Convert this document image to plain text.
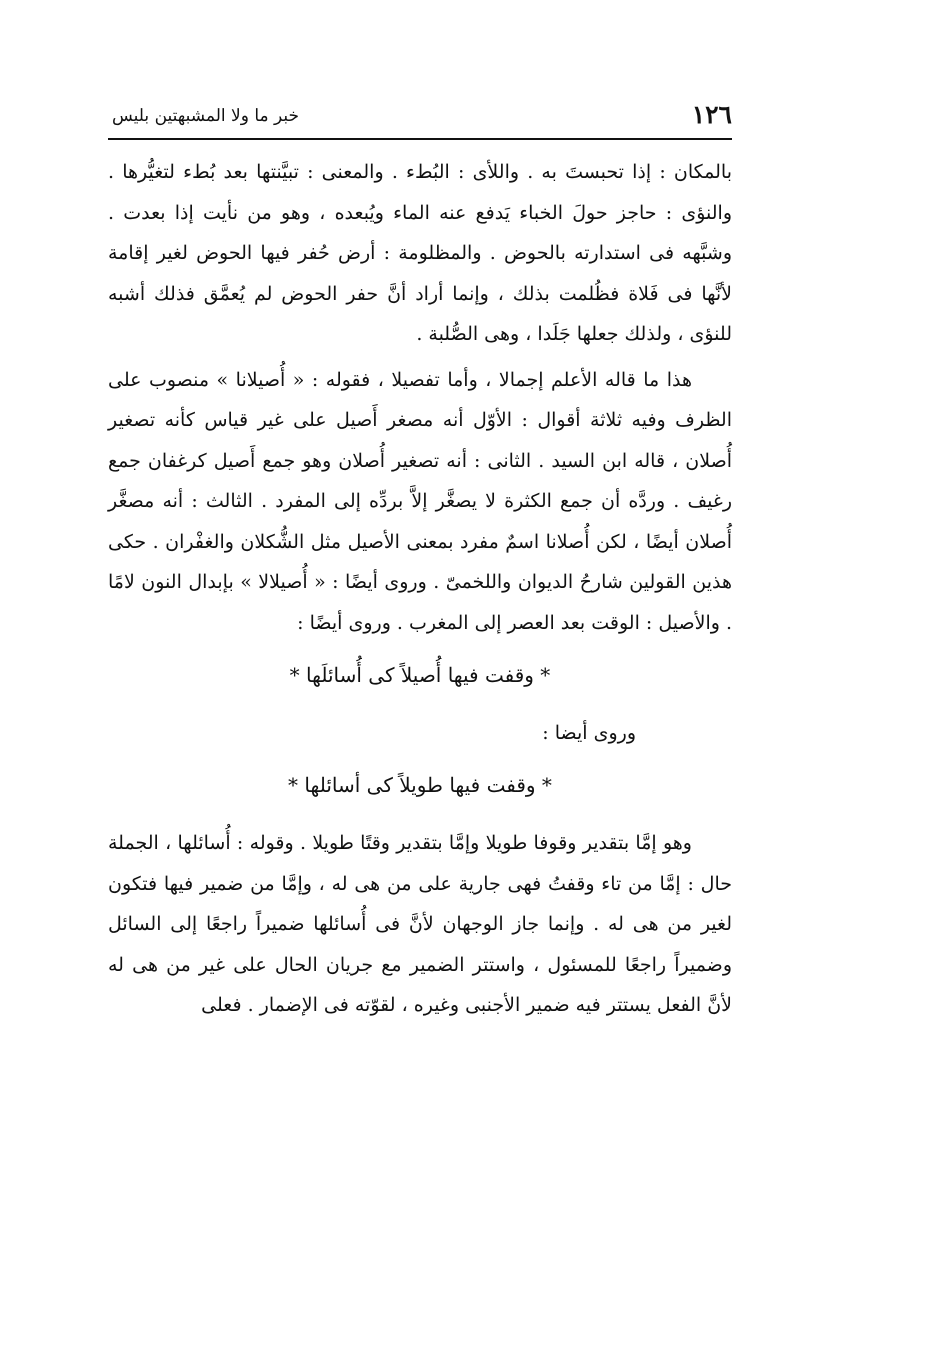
١٢٦
خبر ما ولا المشبهتين بليس

بالمكان : إذا تحبستَ به . واللأى : البُطء . والمعنى : تبيَّنتها بعد بُطء لتغيُّرها . والنؤى : حاجز حولَ الخباء يَدفع عنه الماء ويُبعده ، وهو من نأيت إذا بعدت . وشبَّهه فى استدارته بالحوض . والمظلومة : أرض حُفر فيها الحوض لغير إقامة لأنَّها فى فَلاة فظُلمت بذلك ، وإنما أراد أنَّ حفر الحوض لم يُعمَّق فذلك أشبه للنؤى ، ولذلك جعلها جَلَدا ، وهى الصُّلبة .

هذا ما قاله الأعلم إجمالا ، وأما تفصيلا ، فقوله : « أُصيلانا » منصوب على الظرف وفيه ثلاثة أقوال : الأوّل أنه مصغر أَصيل على غير قياس كأنه تصغير أُصلان ، قاله ابن السيد . الثانى : أنه تصغير أُصلان وهو جمع أَصيل كرغفان جمع رغيف . وردَّه أن جمع الكثرة لا يصغَّر إلاَّ بردِّه إلى المفرد . الثالث : أنه مصغَّر أُصلان أيضًا ، لكن أُصلانا اسمٌ مفرد بمعنى الأصيل مثل الشُّكلان والغفْران . حكى هذين القولين شارحُ الديوان واللخمىّ . وروى أيضًا : « أُصيلالا » بإبدال النون لامًا . والأصيل : الوقت بعد العصر إلى المغرب . وروى أيضًا :

* وقفت فيها أُصيلاً كى أُسائلَها *

وروى أيضا :

* وقفت فيها طويلاً كى أسائلها *

وهو إمَّا بتقدير وقوفا طويلا وإمَّا بتقدير وقتًا طويلا . وقوله : أُسائلها ، الجملة حال : إمَّا من تاء وقفتُ فهى جارية على من هى له ، وإمَّا من ضمير فيها فتكون لغير من هى له . وإنما جاز الوجهان لأنَّ فى أُسائلها ضميراً راجعًا إلى السائل وضميراً راجعًا للمسئول ، واستتر الضمير مع جريان الحال على غير من هى له لأنَّ الفعل يستتر فيه ضمير الأجنبى وغيره ، لقوّته فى الإضمار . فعلى
